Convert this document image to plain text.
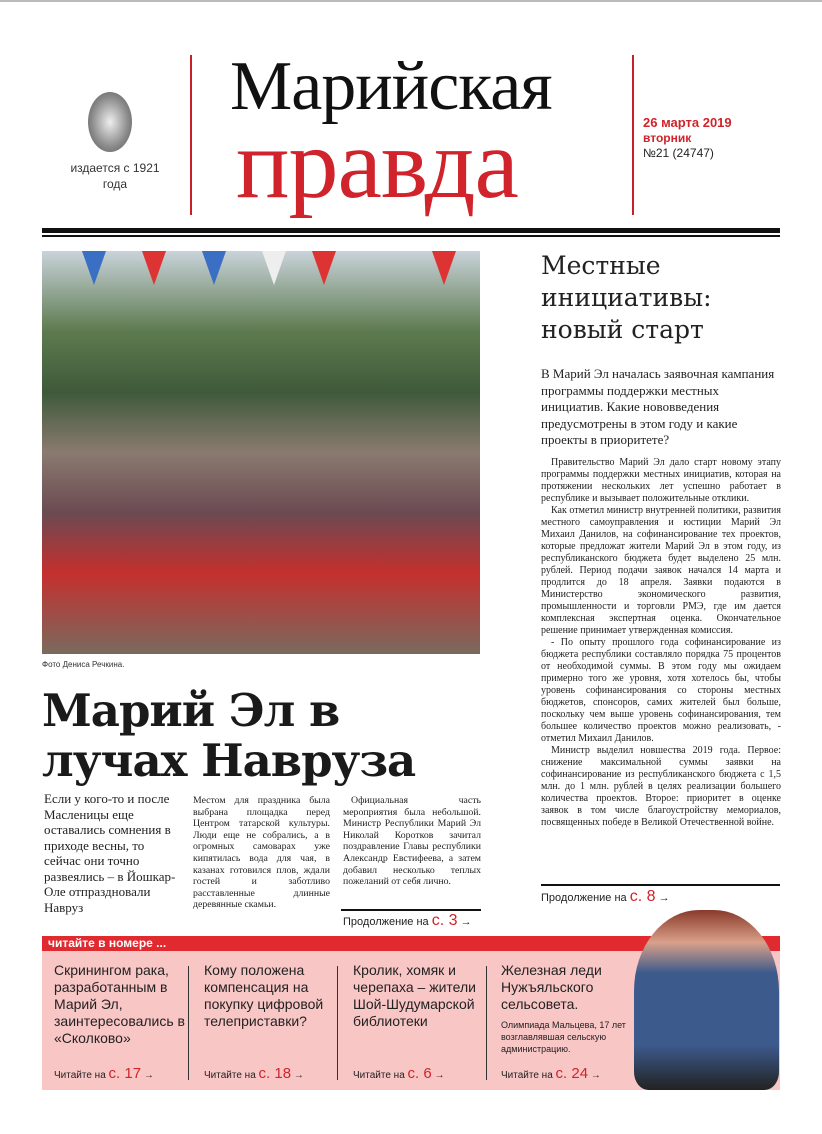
издается с 1921 года
Марийская
правда	26 марта 2019
вторник
№21 (24747)
Фото Дениса Речкина.
Марий Эл в лучах Навруза
Если у кого-то и после Масленицы еще оставались сомнения в приходе весны, то сейчас они точно развеялись – в Йошкар-Оле отпраздновали Навруз
Местом для праздника была выбрана площадка перед Центром татарской культуры. Люди еще не собрались, а в огромных самоварах уже кипятилась вода для чая, в казанах готовился плов, ждали гостей и заботливо расставленные длинные деревянные скамьи.
Официальная часть мероприятия была небольшой. Министр Республики Марий Эл Николай Коротков зачитал поздравление Главы республики Александр Евстифеева, а затем добавил несколько теплых пожеланий от себя лично.
Продолжение на с. 3 →
Местные инициативы: новый старт
В Марий Эл началась заявочная кампания программы поддержки местных инициатив. Какие нововведения предусмотрены в этом году и какие проекты в приоритете?

Правительство Марий Эл дало старт новому этапу программы поддержки местных инициатив, которая на протяжении нескольких лет успешно работает в республике и вызывает положительные отклики.

Как отметил министр внутренней политики, развития местного самоуправления и юстиции Марий Эл Михаил Данилов, на софинансирование тех проектов, которые предложат жители Марий Эл в этом году, из республиканского бюджета будет выделено 25 млн. рублей. Период подачи заявок начался 14 марта и продлится до 18 апреля. Заявки подаются в Министерство экономического развития, промышленности и торговли РМЭ, где им дается комплексная экспертная оценка. Окончательное решение принимает утвержденная комиссия.

- По опыту прошлого года софинансирование из бюджета республики составляло порядка 75 процентов от необходимой суммы. В этом году мы ожидаем примерно того же уровня, хотя хотелось бы, чтобы уровень софинансирования со стороны местных бюджетов, спонсоров, самих жителей был больше, поскольку чем выше уровень софинансирования, тем большее количество проектов можно реализовать, - отметил Михаил Данилов.

Министр выделил новшества 2019 года. Первое: снижение максимальной суммы заявки на софинансирование из республиканского бюджета с 1,5 млн. до 1 млн. рублей в целях реализации большего количества проектов. Второе: приоритет в оценке заявок в том числе благоустройству мемориалов, посвященных победе в Великой Отечественной войне.

Продолжение на с. 8 →
читайте в номере ...
Скринингом рака, разработанным в Марий Эл, заинтересовались в «Сколково»
Читайте на с. 17 →
Кому положена компенсация на покупку цифровой телеприставки?
Читайте на с. 18 →
Кролик, хомяк и черепаха – жители Шой-Шудумарской библиотеки
Читайте на с. 6 →
Железная леди Нужъяльского сельсовета.
Олимпиада Мальцева, 17 лет возглавлявшая сельскую администрацию.
Читайте на с. 24 →
